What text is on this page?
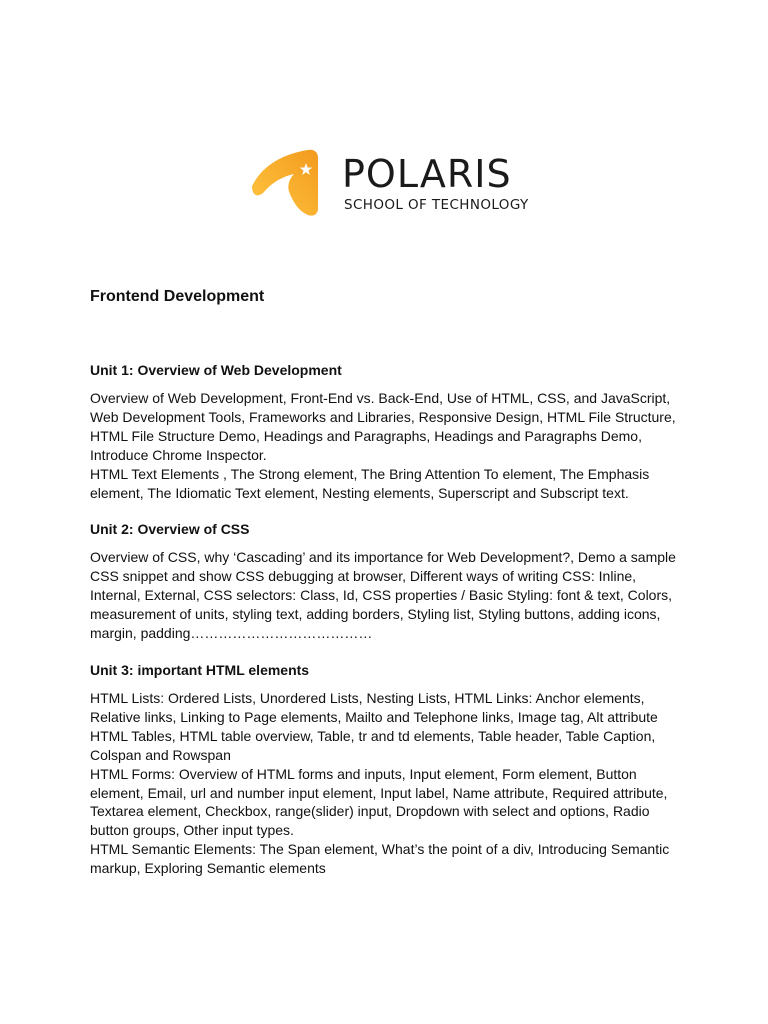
POLARIS
SCHOOL OF TECHNOLOGY
Frontend Development
Unit 1: Overview of Web Development

Overview of Web Development, Front-End vs. Back-End, Use of HTML, CSS, and JavaScript, Web Development Tools, Frameworks and Libraries, Responsive Design, HTML File Structure, HTML File Structure Demo, Headings and Paragraphs, Headings and Paragraphs Demo, Introduce Chrome Inspector.

HTML Text Elements , The Strong element, The Bring Attention To element, The Emphasis element, The Idiomatic Text element, Nesting elements, Superscript and Subscript text.

Unit 2: Overview of CSS

Overview of CSS, why ‘Cascading’ and its importance for Web Development?, Demo a sample CSS snippet and show CSS debugging at browser, Different ways of writing CSS: Inline, Internal, External, CSS selectors: Class, Id, CSS properties / Basic Styling: font & text, Colors, measurement of units, styling text, adding borders, Styling list, Styling buttons, adding icons, margin, padding…………………………………

Unit 3: important HTML elements

HTML Lists: Ordered Lists, Unordered Lists, Nesting Lists, HTML Links: Anchor elements, Relative links, Linking to Page elements, Mailto and Telephone links, Image tag, Alt attribute

HTML Tables, HTML table overview, Table, tr and td elements, Table header, Table Caption, Colspan and Rowspan

HTML Forms: Overview of HTML forms and inputs, Input element, Form element, Button element, Email, url and number input element, Input label, Name attribute, Required attribute, Textarea element, Checkbox, range(slider) input, Dropdown with select and options, Radio button groups, Other input types.

HTML Semantic Elements: The Span element, What’s the point of a div, Introducing Semantic markup, Exploring Semantic elements
